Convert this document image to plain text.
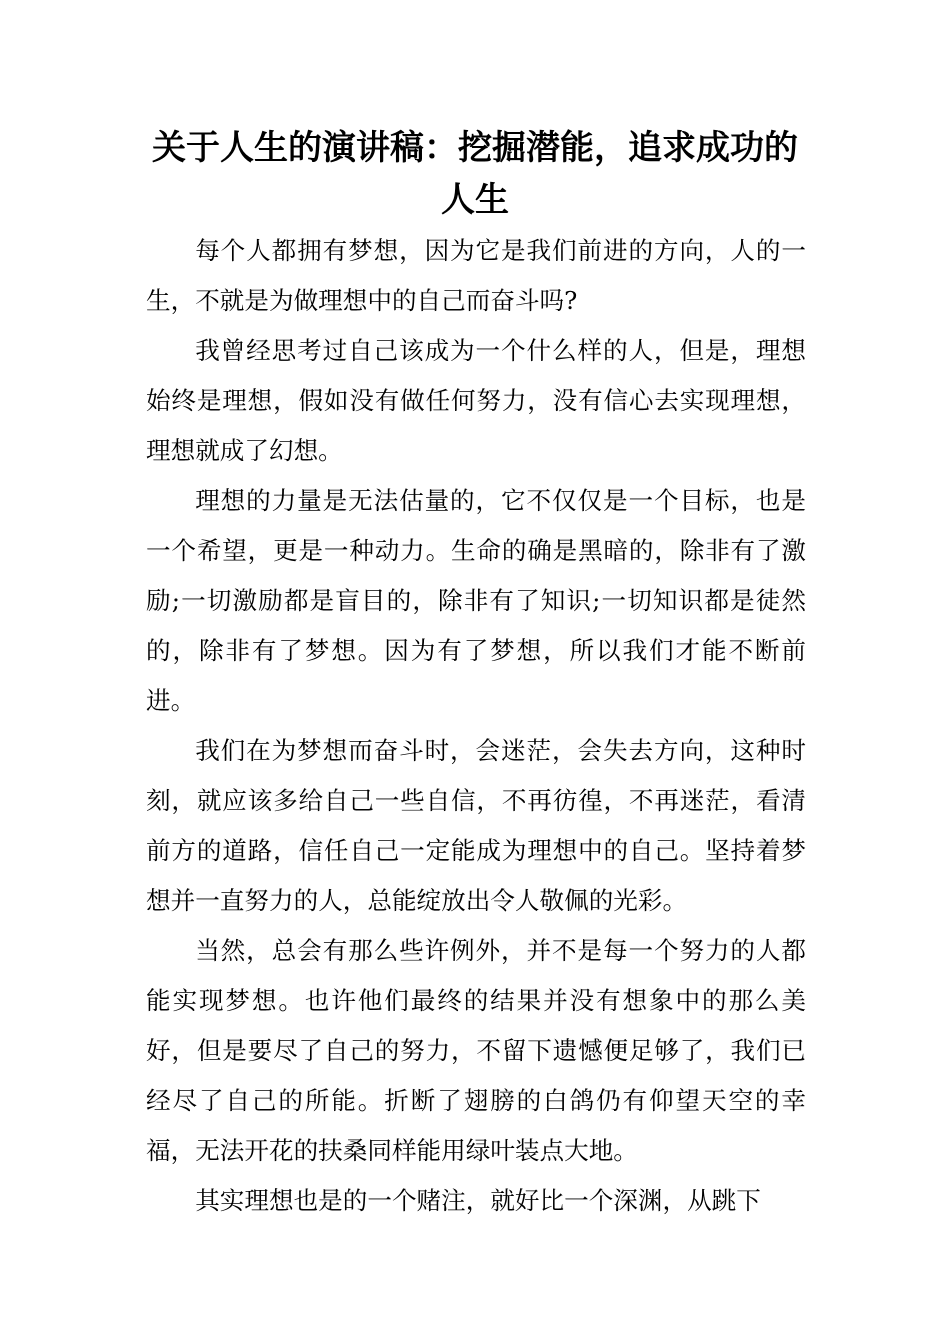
关于人生的演讲稿：挖掘潜能，追求成功的人生

每个人都拥有梦想，因为它是我们前进的方向，人的一生，不就是为做理想中的自己而奋斗吗?

我曾经思考过自己该成为一个什么样的人，但是，理想始终是理想，假如没有做任何努力，没有信心去实现理想，理想就成了幻想。

理想的力量是无法估量的，它不仅仅是一个目标，也是一个希望，更是一种动力。生命的确是黑暗的，除非有了激励;一切激励都是盲目的，除非有了知识;一切知识都是徒然的，除非有了梦想。因为有了梦想，所以我们才能不断前进。

我们在为梦想而奋斗时，会迷茫，会失去方向，这种时刻，就应该多给自己一些自信，不再彷徨，不再迷茫，看清前方的道路，信任自己一定能成为理想中的自己。坚持着梦想并一直努力的人，总能绽放出令人敬佩的光彩。

当然，总会有那么些许例外，并不是每一个努力的人都能实现梦想。也许他们最终的结果并没有想象中的那么美好，但是要尽了自己的努力，不留下遗憾便足够了，我们已经尽了自己的所能。折断了翅膀的白鸽仍有仰望天空的幸福，无法开花的扶桑同样能用绿叶装点大地。

其实理想也是的一个赌注，就好比一个深渊，从跳下
